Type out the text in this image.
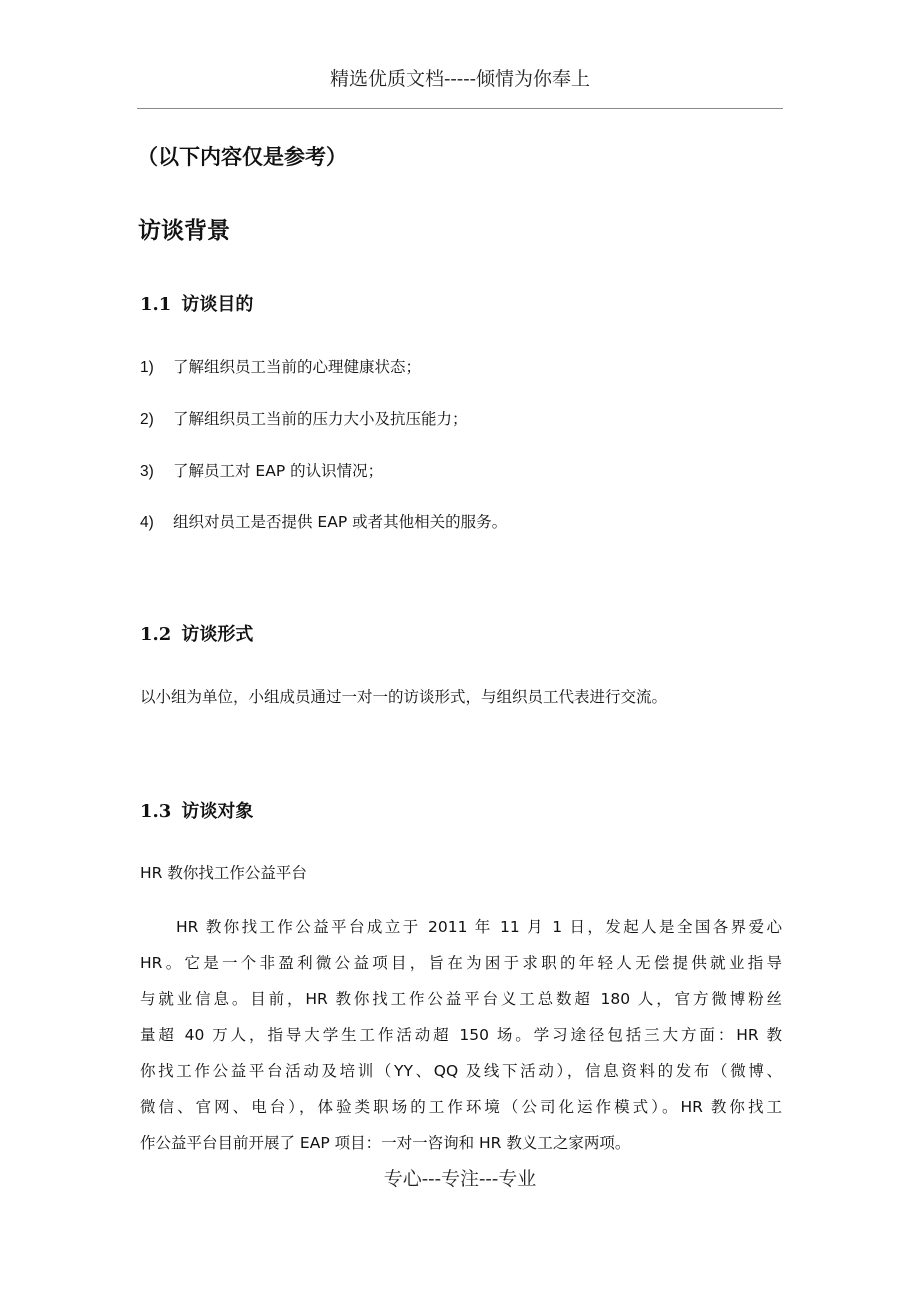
精选优质文档-----倾情为你奉上
（以下内容仅是参考）
访谈背景
1.1 访谈目的
1) 了解组织员工当前的心理健康状态；
2) 了解组织员工当前的压力大小及抗压能力；
3) 了解员工对 EAP 的认识情况；
4) 组织对员工是否提供 EAP 或者其他相关的服务。
1.2 访谈形式
以小组为单位，小组成员通过一对一的访谈形式，与组织员工代表进行交流。
1.3 访谈对象
HR 教你找工作公益平台
HR 教你找工作公益平台成立于 2011 年 11 月 1 日，发起人是全国各界爱心
HR。它是一个非盈利微公益项目，旨在为困于求职的年轻人无偿提供就业指导
与就业信息。目前，HR 教你找工作公益平台义工总数超 180 人，官方微博粉丝
量超 40 万人，指导大学生工作活动超 150 场。学习途径包括三大方面：HR 教
你找工作公益平台活动及培训（YY、QQ 及线下活动），信息资料的发布（微博、
微信、官网、电台），体验类职场的工作环境（公司化运作模式）。HR 教你找工
作公益平台目前开展了 EAP 项目：一对一咨询和 HR 教义工之家两项。
专心---专注---专业
